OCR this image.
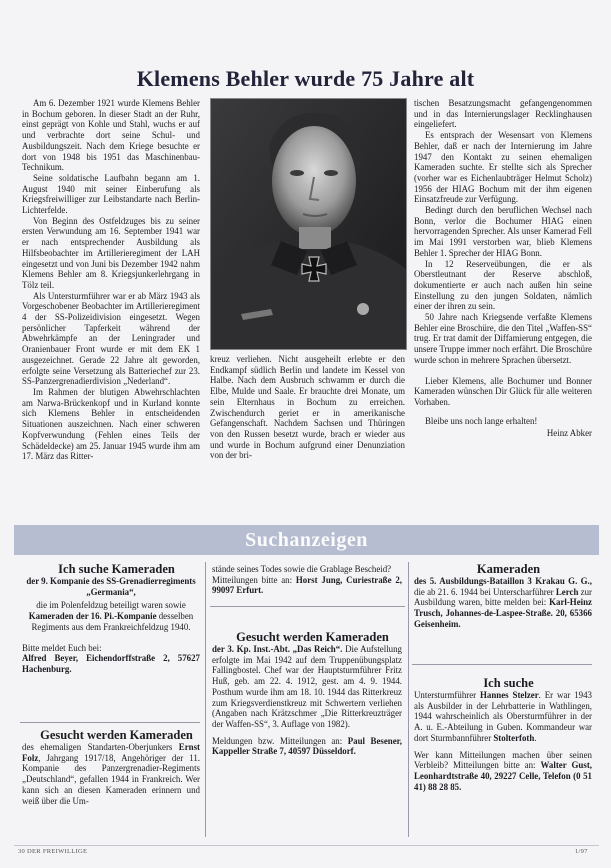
Klemens Behler wurde 75 Jahre alt

Am 6. Dezember 1921 wurde Klemens Behler in Bochum geboren. In dieser Stadt an der Ruhr, einst geprägt von Kohle und Stahl, wuchs er auf und verbrachte dort seine Schul- und Ausbildungszeit. Nach dem Kriege besuchte er dort von 1948 bis 1951 das Maschinenbau-Technikum.

Seine soldatische Laufbahn begann am 1. August 1940 mit seiner Einberufung als Kriegsfreiwilliger zur Leibstandarte nach Berlin-Lichterfelde.

Von Beginn des Ostfeldzuges bis zu seiner ersten Verwundung am 16. September 1941 war er nach entsprechender Ausbildung als Hilfsbeobachter im Artillerieregiment der LAH eingesetzt und von Juni bis Dezember 1942 nahm Klemens Behler am 8. Kriegsjunkerlehrgang in Tölz teil.

Als Untersturmführer war er ab März 1943 als Vorgeschobener Beobachter im Artillerieregiment 4 der SS-Polizeidivision eingesetzt. Wegen persönlicher Tapferkeit während der Abwehrkämpfe an der Leningrader und Oranienbauer Front wurde er mit dem EK 1 ausgezeichnet. Gerade 22 Jahre alt geworden, erfolgte seine Versetzung als Batteriechef zur 23. SS-Panzergrenadierdivision „Nederland“.

Im Rahmen der blutigen Abwehrschlachten am Narwa-Brückenkopf und in Kurland konnte sich Klemens Behler in entscheidenden Situationen auszeichnen. Nach einer schweren Kopfverwundung (Fehlen eines Teils der Schädeldecke) am 25. Januar 1945 wurde ihm am 17. März das Ritter-

kreuz verliehen. Nicht ausgeheilt erlebte er den Endkampf südlich Berlin und landete im Kessel von Halbe. Nach dem Ausbruch schwamm er durch die Elbe, Mulde und Saale. Er brauchte drei Monate, um sein Elternhaus in Bochum zu erreichen. Zwischendurch geriet er in amerikanische Gefangenschaft. Nachdem Sachsen und Thüringen von den Russen besetzt wurde, brach er wieder aus und wurde in Bochum aufgrund einer Denunziation von der bri-

tischen Besatzungsmacht gefangengenommen und in das Internierungslager Recklinghausen eingeliefert.

Es entsprach der Wesensart von Klemens Behler, daß er nach der Internierung im Jahre 1947 den Kontakt zu seinen ehemaligen Kameraden suchte. Er stellte sich als Sprecher (vorher war es Eichenlaubträger Helmut Scholz) 1956 der HIAG Bochum mit der ihm eigenen Einsatzfreude zur Verfügung.

Bedingt durch den beruflichen Wechsel nach Bonn, verlor die Bochumer HIAG einen hervorragenden Sprecher. Als unser Kamerad Fell im Mai 1991 verstorben war, blieb Klemens Behler 1. Sprecher der HIAG Bonn.

In 12 Reserveübungen, die er als Oberstleutnant der Reserve abschloß, dokumentierte er auch nach außen hin seine Einstellung zu den jungen Soldaten, nämlich einer der ihren zu sein.

50 Jahre nach Kriegsende verfaßte Klemens Behler eine Broschüre, die den Titel „Waffen-SS“ trug. Er trat damit der Diffamierung entgegen, die unsere Truppe immer noch erfährt. Die Broschüre wurde schon in mehrere Sprachen übersetzt.

Lieber Klemens, alle Bochumer und Bonner Kameraden wünschen Dir Glück für alle weiteren Vorhaben.

Bleibe uns noch lange erhalten!

Heinz Abker

Suchanzeigen

Ich suche Kameraden

der 9. Kompanie des SS-Grenadierregiments „Germania“,

die im Polenfeldzug beteiligt waren sowie Kameraden der 16. Pi.-Kompanie desselben Regiments aus dem Frankreichfeldzug 1940.

Bitte meldet Euch bei:

Alfred Beyer, Eichendorffstraße 2, 57627 Hachenburg.

Gesucht werden Kameraden

des ehemaligen Standarten-Oberjunkers Ernst Folz, Jahrgang 1917/18, Angehöriger der 11. Kompanie des Panzergrenadier-Regiments „Deutschland“, gefallen 1944 in Frankreich. Wer kann sich an diesen Kameraden erinnern und weiß über die Um-

stände seines Todes sowie die Grablage Bescheid?

Mitteilungen bitte an: Horst Jung, Curiestraße 2, 99097 Erfurt.

Gesucht werden Kameraden

der 3. Kp. Inst.-Abt. „Das Reich“. Die Aufstellung erfolgte im Mai 1942 auf dem Truppenübungsplatz Fallingbostel. Chef war der Hauptsturmführer Fritz Huß, geb. am 22. 4. 1912, gest. am 4. 9. 1944. Posthum wurde ihm am 18. 10. 1944 das Ritterkreuz zum Kriegsverdienstkreuz mit Schwertern verliehen (Angaben nach Krätzschmer „Die Ritterkreuzträger der Waffen-SS“, 3. Auflage von 1982).

Meldungen bzw. Mitteilungen an: Paul Besener, Kappeller Straße 7, 40597 Düsseldorf.

Kameraden

des 5. Ausbildungs-Bataillon 3 Krakau G. G., die ab 21. 6. 1944 bei Unterscharführer Lerch zur Ausbildung waren, bitte melden bei: Karl-Heinz Trusch, Johannes-de-Laspee-Straße. 20, 65366 Geisenheim.

Ich suche

Untersturmführer Hannes Stelzer. Er war 1943 als Ausbilder in der Lehrbatterie in Wathlingen, 1944 wahrscheinlich als Obersturmführer in der A. u. E.-Abteilung in Guben. Kommandeur war dort Sturmbannführer Stolterfoth.

Wer kann Mitteilungen machen über seinen Verbleib? Mitteilungen bitte an: Walter Gust, Leonhardtstraße 40, 29227 Celle, Telefon (0 51 41) 88 28 85.

30 DER FREIWILLIGE	1/97
